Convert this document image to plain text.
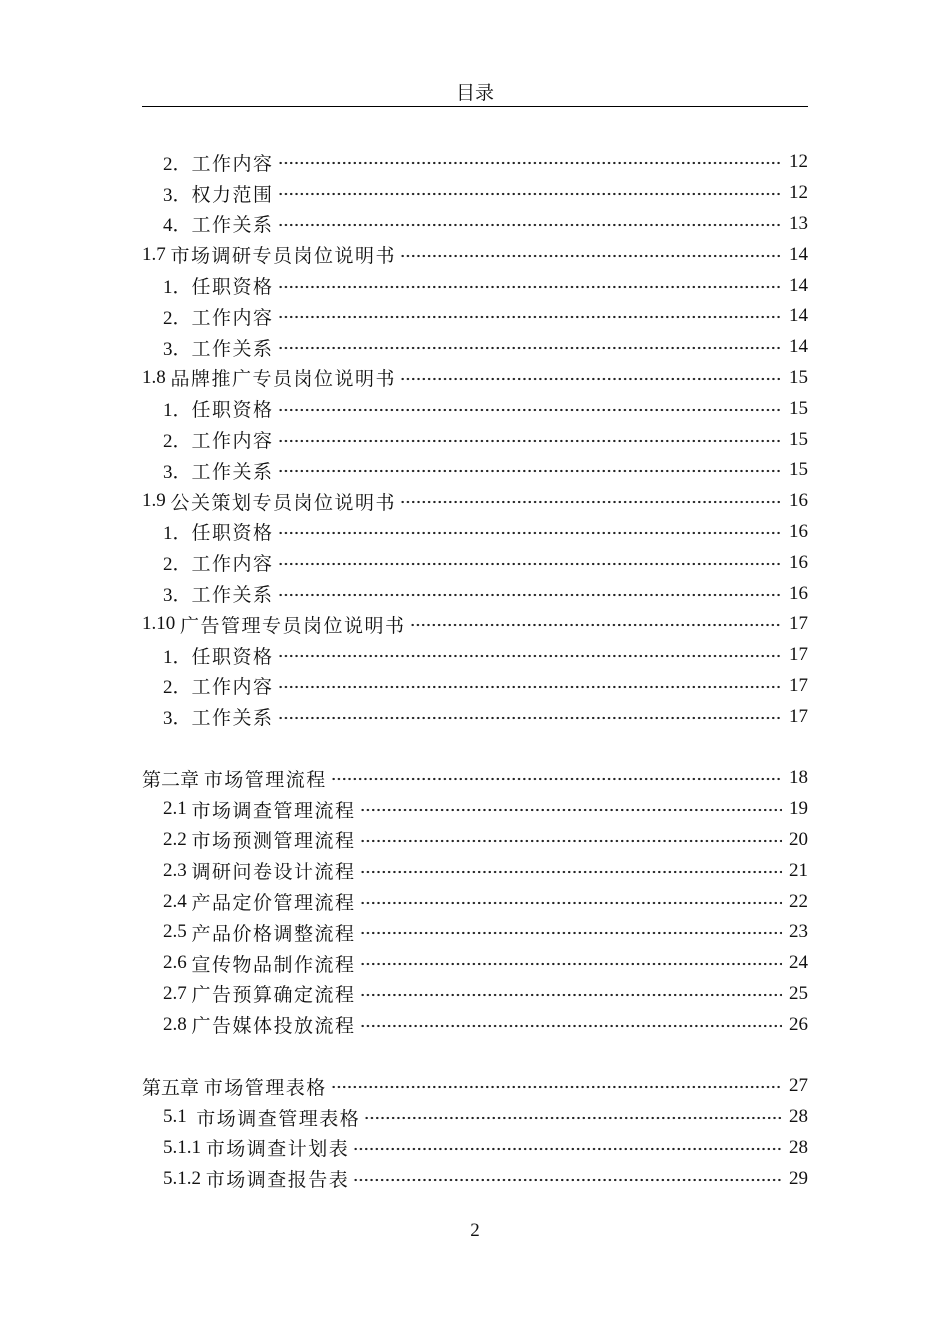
目录
2． 工作内容	12
3． 权力范围	12
4． 工作关系	13
1.7 市场调研专员岗位说明书	14
1． 任职资格	14
2． 工作内容	14
3． 工作关系	14
1.8 品牌推广专员岗位说明书	15
1． 任职资格	15
2． 工作内容	15
3． 工作关系	15
1.9 公关策划专员岗位说明书	16
1． 任职资格	16
2． 工作内容	16
3． 工作关系	16
1.10 广告管理专员岗位说明书	17
1． 任职资格	17
2． 工作内容	17
3． 工作关系	17
第二章 市场管理流程	18
2.1 市场调查管理流程	19
2.2 市场预测管理流程	20
2.3 调研问卷设计流程	21
2.4 产品定价管理流程	22
2.5 产品价格调整流程	23
2.6 宣传物品制作流程	24
2.7 广告预算确定流程	25
2.8 广告媒体投放流程	26
第五章 市场管理表格	27
5.1 市场调查管理表格	28
5.1.1 市场调查计划表	28
5.1.2 市场调查报告表	29
2
